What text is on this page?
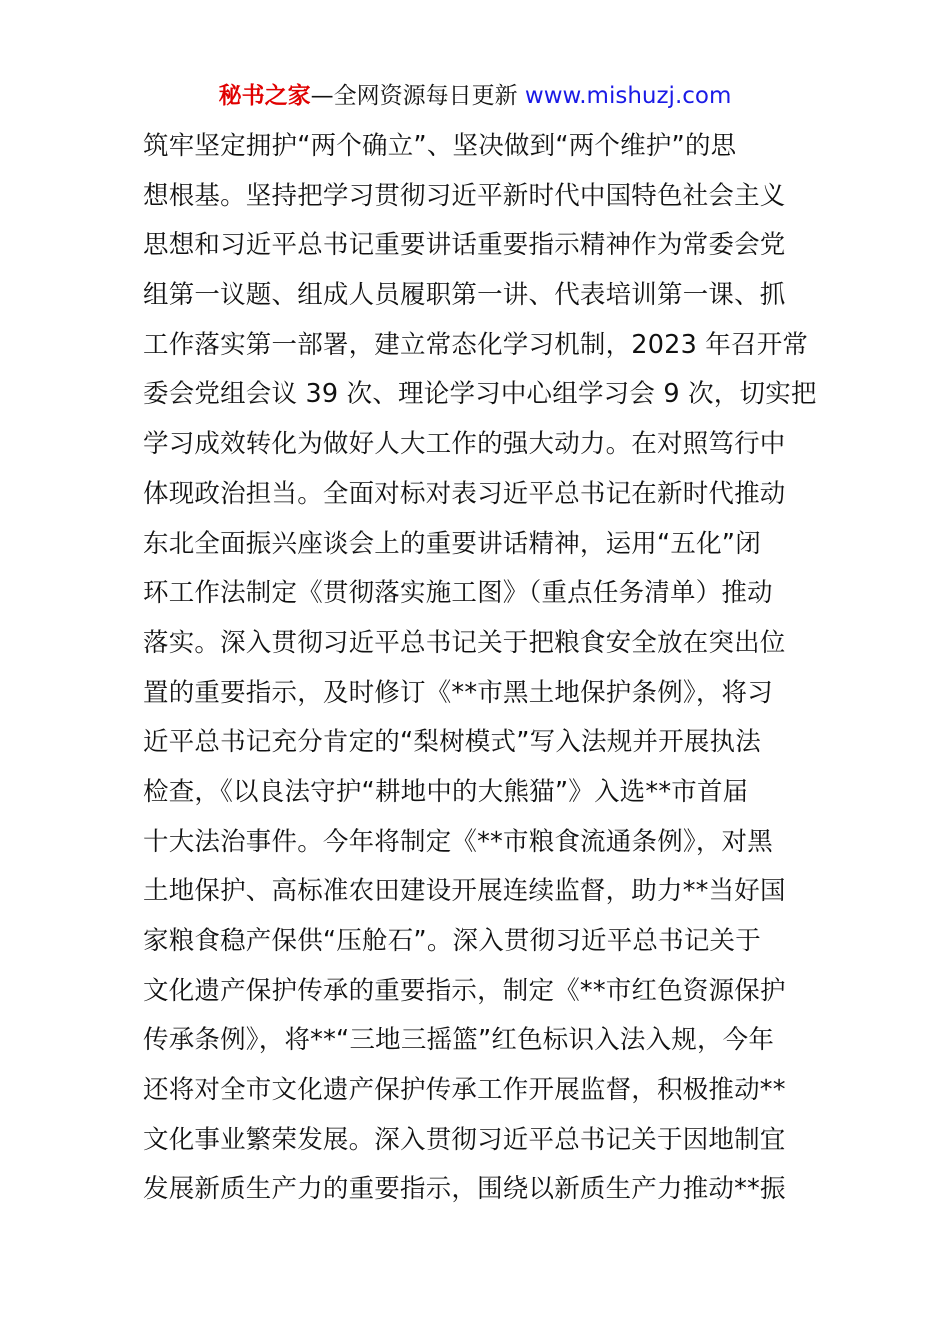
秘书之家—全网资源每日更新 www.mishuzj.com
筑牢坚定拥护“两个确立”、坚决做到“两个维护”的思
想根基。坚持把学习贯彻习近平新时代中国特色社会主义
思想和习近平总书记重要讲话重要指示精神作为常委会党
组第一议题、组成人员履职第一讲、代表培训第一课、抓
工作落实第一部署，建立常态化学习机制，2023 年召开常
委会党组会议 39 次、理论学习中心组学习会 9 次，切实把
学习成效转化为做好人大工作的强大动力。在对照笃行中
体现政治担当。全面对标对表习近平总书记在新时代推动
东北全面振兴座谈会上的重要讲话精神，运用“五化”闭
环工作法制定《贯彻落实施工图》（重点任务清单）推动
落实。深入贯彻习近平总书记关于把粮食安全放在突出位
置的重要指示，及时修订《**市黑土地保护条例》，将习
近平总书记充分肯定的“梨树模式”写入法规并开展执法
检查，《以良法守护“耕地中的大熊猫”》入选**市首届
十大法治事件。今年将制定《**市粮食流通条例》，对黑
土地保护、高标准农田建设开展连续监督，助力**当好国
家粮食稳产保供“压舱石”。深入贯彻习近平总书记关于
文化遗产保护传承的重要指示，制定《**市红色资源保护
传承条例》，将**“三地三摇篮”红色标识入法入规，今年
还将对全市文化遗产保护传承工作开展监督，积极推动**
文化事业繁荣发展。深入贯彻习近平总书记关于因地制宜
发展新质生产力的重要指示，围绕以新质生产力推动**振
